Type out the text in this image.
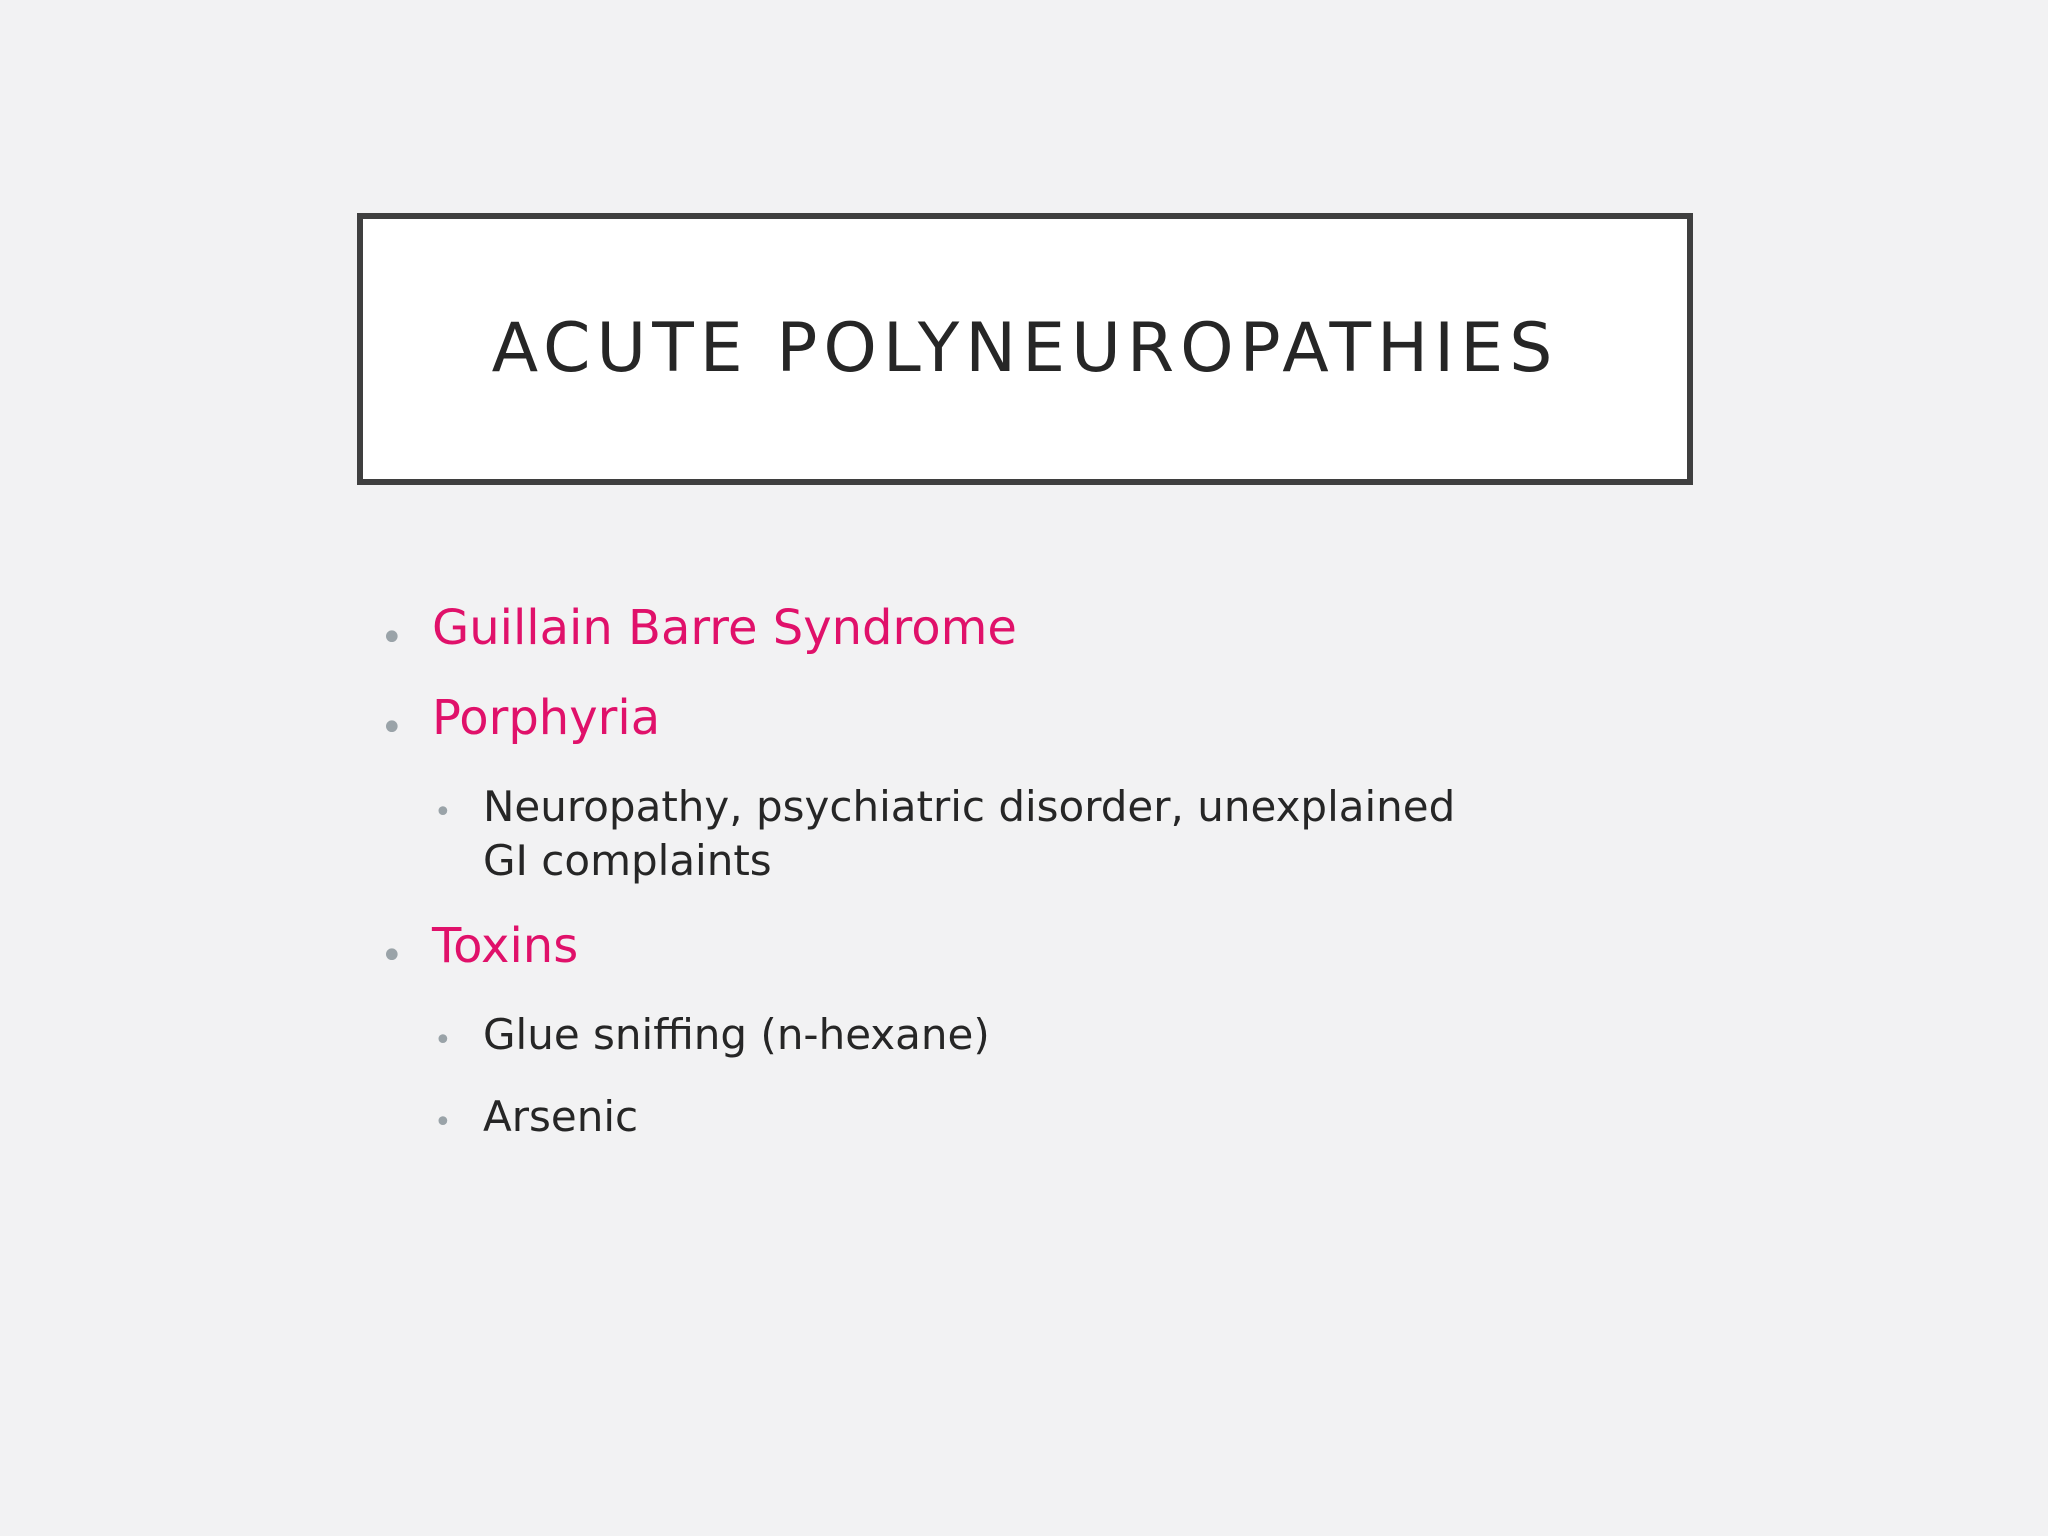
ACUTE POLYNEUROPATHIES
• Guillain Barre Syndrome
• Porphyria
• Neuropathy, psychiatric disorder, unexplained GI complaints
• Toxins
• Glue sniffing (n-hexane)
• Arsenic
